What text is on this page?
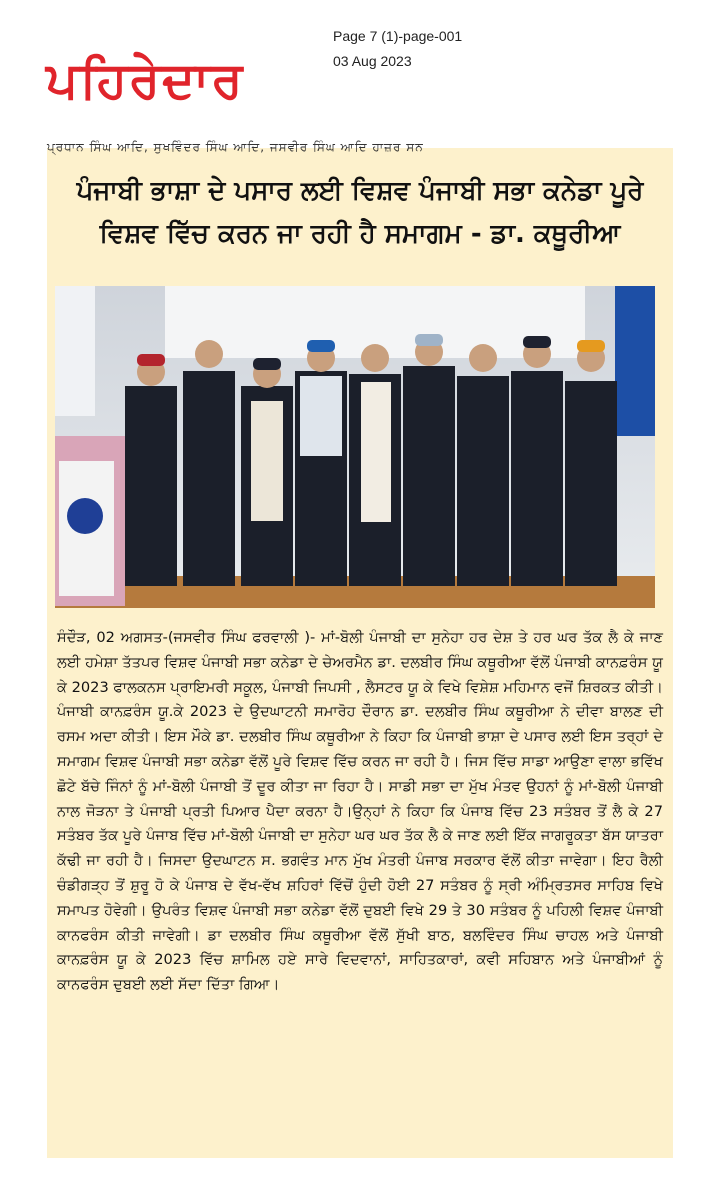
ਪਹਿਰੇਦਾਰ
Page 7 (1)-page-001
03 Aug 2023
ਪ੍ਰਧਾਨ ਸਿੰਘ ਆਦਿ, ਸੁਖਵਿੰਦਰ ਸਿੰਘ ਆਦਿ, ਜਸਵੀਰ ਸਿੰਘ ਆਦਿ ਹਾਜ਼ਰ ਸਨ
ਪੰਜਾਬੀ ਭਾਸ਼ਾ ਦੇ ਪਸਾਰ ਲਈ ਵਿਸ਼ਵ ਪੰਜਾਬੀ ਸਭਾ ਕਨੇਡਾ ਪੂਰੇ ਵਿਸ਼ਵ ਵਿੱਚ ਕਰਨ ਜਾ ਰਹੀ ਹੈ ਸਮਾਗਮ - ਡਾ. ਕਥੂਰੀਆ
ਸੰਦੌੜ, 02 ਅਗਸਤ-(ਜਸਵੀਰ ਸਿੰਘ ਫਰਵਾਲੀ )- ਮਾਂ-ਬੋਲੀ ਪੰਜਾਬੀ ਦਾ ਸੁਨੇਹਾ ਹਰ ਦੇਸ਼ ਤੇ ਹਰ ਘਰ ਤੱਕ ਲੈ ਕੇ ਜਾਣ ਲਈ ਹਮੇਸ਼ਾ ਤੱਤਪਰ ਵਿਸ਼ਵ ਪੰਜਾਬੀ ਸਭਾ ਕਨੇਡਾ ਦੇ ਚੇਅਰਮੈਨ ਡਾ. ਦਲਬੀਰ ਸਿੰਘ ਕਥੂਰੀਆ ਵੱਲੋਂ ਪੰਜਾਬੀ ਕਾਨਫ਼ਰੰਸ ਯੂ ਕੇ 2023 ਫਾਲਕਨਸ ਪ੍ਰਾਇਮਰੀ ਸਕੂਲ, ਪੰਜਾਬੀ ਜਿਪਸੀ , ਲੈਸਟਰ ਯੂ ਕੇ ਵਿਖੇ ਵਿਸ਼ੇਸ਼ ਮਹਿਮਾਨ ਵਜੋਂ ਸ਼ਿਰਕਤ ਕੀਤੀ। ਪੰਜਾਬੀ ਕਾਨਫ਼ਰੰਸ ਯੂ.ਕੇ 2023 ਦੇ ਉਦਘਾਟਨੀ ਸਮਾਰੋਹ ਦੌਰਾਨ ਡਾ. ਦਲਬੀਰ ਸਿੰਘ ਕਥੂਰੀਆ ਨੇ ਦੀਵਾ ਬਾਲਣ ਦੀ ਰਸਮ ਅਦਾ ਕੀਤੀ। ਇਸ ਮੌਕੇ ਡਾ. ਦਲਬੀਰ ਸਿੰਘ ਕਥੂਰੀਆ ਨੇ ਕਿਹਾ ਕਿ ਪੰਜਾਬੀ ਭਾਸ਼ਾ ਦੇ ਪਸਾਰ ਲਈ ਇਸ ਤਰ੍ਹਾਂ ਦੇ ਸਮਾਗਮ ਵਿਸ਼ਵ ਪੰਜਾਬੀ ਸਭਾ ਕਨੇਡਾ ਵੱਲੋਂ ਪੂਰੇ ਵਿਸ਼ਵ ਵਿੱਚ ਕਰਨ ਜਾ ਰਹੀ ਹੈ। ਜਿਸ ਵਿੱਚ ਸਾਡਾ ਆਉਣਾ ਵਾਲਾ ਭਵਿੱਖ ਛੋਟੇ ਬੱਚੇ ਜਿੰਨਾਂ ਨੂੰ ਮਾਂ-ਬੋਲੀ ਪੰਜਾਬੀ ਤੋਂ ਦੂਰ ਕੀਤਾ ਜਾ ਰਿਹਾ ਹੈ। ਸਾਡੀ ਸਭਾ ਦਾ ਮੁੱਖ ਮੰਤਵ ਉਹਨਾਂ ਨੂੰ ਮਾਂ-ਬੋਲੀ ਪੰਜਾਬੀ ਨਾਲ ਜੋੜਨਾ ਤੇ ਪੰਜਾਬੀ ਪ੍ਰਤੀ ਪਿਆਰ ਪੈਦਾ ਕਰਨਾ ਹੈ।ਉਨ੍ਹਾਂ ਨੇ ਕਿਹਾ ਕਿ ਪੰਜਾਬ ਵਿੱਚ 23 ਸਤੰਬਰ ਤੋਂ ਲੈ ਕੇ 27 ਸਤੰਬਰ ਤੱਕ ਪੂਰੇ ਪੰਜਾਬ ਵਿੱਚ ਮਾਂ-ਬੋਲੀ ਪੰਜਾਬੀ ਦਾ ਸੁਨੇਹਾ ਘਰ ਘਰ ਤੱਕ ਲੈ ਕੇ ਜਾਣ ਲਈ ਇੱਕ ਜਾਗਰੂਕਤਾ ਬੱਸ ਯਾਤਰਾ ਕੱਢੀ ਜਾ ਰਹੀ ਹੈ। ਜਿਸਦਾ ਉਦਘਾਟਨ ਸ. ਭਗਵੰਤ ਮਾਨ ਮੁੱਖ ਮੰਤਰੀ ਪੰਜਾਬ ਸਰਕਾਰ ਵੱਲੋਂ ਕੀਤਾ ਜਾਵੇਗਾ। ਇਹ ਰੈਲੀ ਚੰਡੀਗੜ੍ਹ ਤੋਂ ਸ਼ੁਰੂ ਹੋ ਕੇ ਪੰਜਾਬ ਦੇ ਵੱਖ-ਵੱਖ ਸ਼ਹਿਰਾਂ ਵਿੱਚੋਂ ਹੁੰਦੀ ਹੋਈ 27 ਸਤੰਬਰ ਨੂੰ ਸ੍ਰੀ ਅੰਮ੍ਰਿਤਸਰ ਸਾਹਿਬ ਵਿਖੇ ਸਮਾਪਤ ਹੋਵੇਗੀ। ਉਪਰੰਤ ਵਿਸ਼ਵ ਪੰਜਾਬੀ ਸਭਾ ਕਨੇਡਾ ਵੱਲੋਂ ਦੁਬਈ ਵਿਖੇ 29 ਤੇ 30 ਸਤੰਬਰ ਨੂੰ ਪਹਿਲੀ ਵਿਸ਼ਵ ਪੰਜਾਬੀ ਕਾਨਫਰੰਸ ਕੀਤੀ ਜਾਵੇਗੀ। ਡਾ ਦਲਬੀਰ ਸਿੰਘ ਕਥੂਰੀਆ ਵੱਲੋਂ ਸੁੱਖੀ ਬਾਠ, ਬਲਵਿੰਦਰ ਸਿੰਘ ਚਾਹਲ ਅਤੇ ਪੰਜਾਬੀ ਕਾਨਫ਼ਰੰਸ ਯੂ ਕੇ 2023 ਵਿੱਚ ਸ਼ਾਮਿਲ ਹਏ ਸਾਰੇ ਵਿਦਵਾਨਾਂ, ਸਾਹਿਤਕਾਰਾਂ, ਕਵੀ ਸਹਿਬਾਨ ਅਤੇ ਪੰਜਾਬੀਆਂ ਨੂੰ ਕਾਨਫਰੰਸ ਦੁਬਈ ਲਈ ਸੱਦਾ ਦਿੱਤਾ ਗਿਆ।
